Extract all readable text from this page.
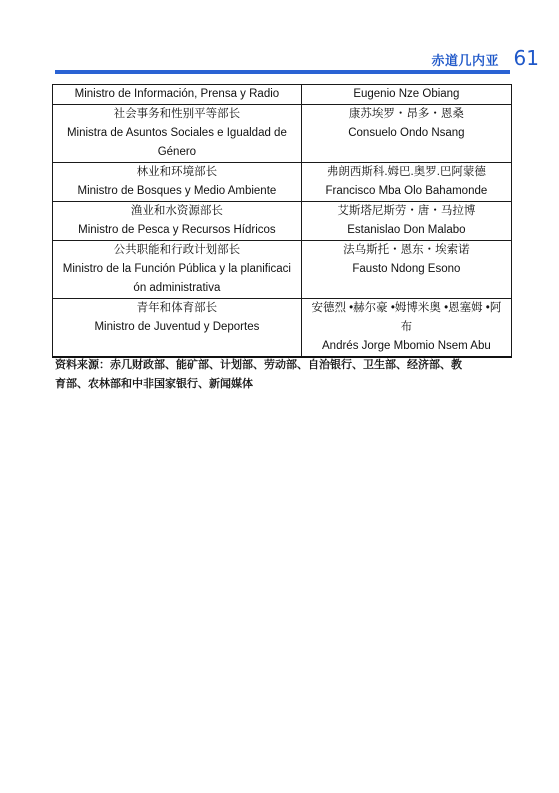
赤道几内亚 61
Ministro de Información, Prensa y Radio	Eugenio Nze Obiang

社会事务和性别平等部长
Ministra de Asuntos Sociales e Igualdad de
Género	康苏埃罗・昂多・恩桑
Consuelo Ondo Nsang

林业和环境部长
Ministro de Bosques y Medio Ambiente	弗朗西斯科.姆巴.奥罗.巴阿蒙德
Francisco Mba Olo Bahamonde

渔业和水资源部长
Ministro de Pesca y Recursos Hídricos	艾斯塔尼斯劳・唐・马拉博
Estanislao Don Malabo

公共职能和行政计划部长
Ministro de la Función Pública y la planificaci
ón administrativa	法乌斯托・恩东・埃索诺
Fausto Ndong Esono

青年和体育部长
Ministro de Juventud y Deportes	安德烈 •赫尔豪 •姆博米奥 •恩塞姆 •阿
布
Andrés Jorge Mbomio Nsem Abu
资料来源：赤几财政部、能矿部、计划部、劳动部、自治银行、卫生部、经济部、教
育部、农林部和中非国家银行、新闻媒体
